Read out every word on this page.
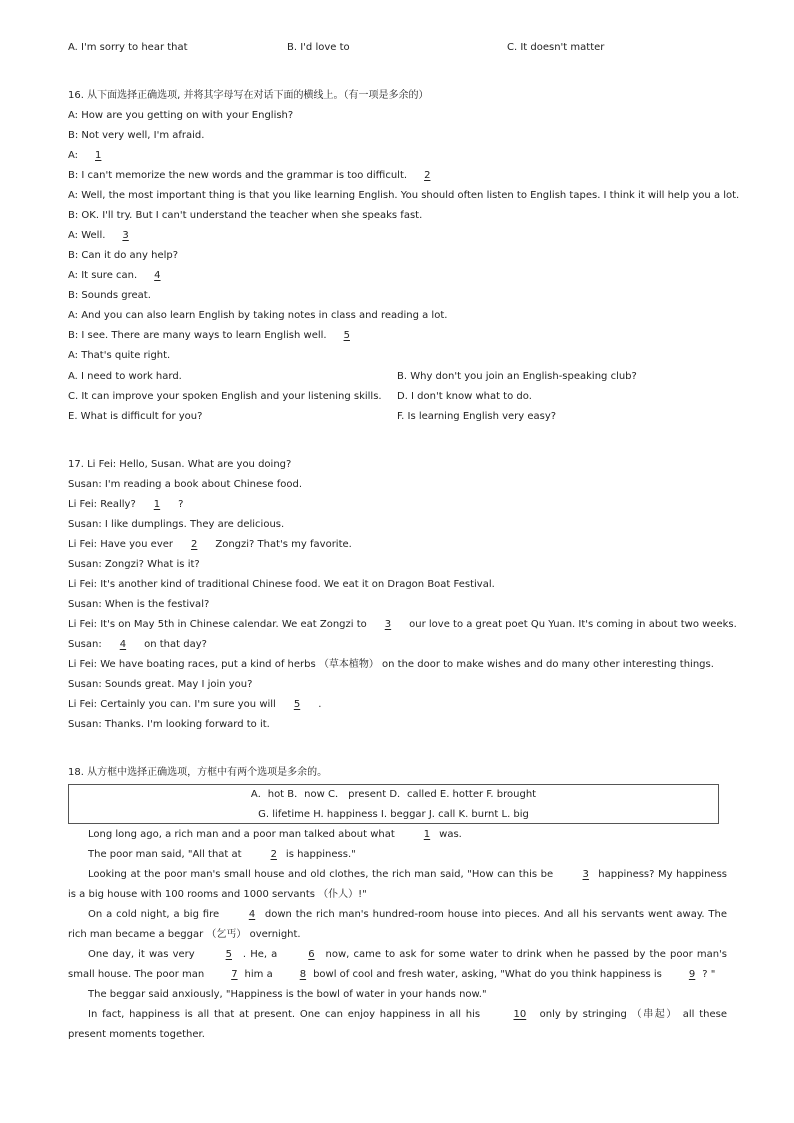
A. I'm sorry to hear that	B. I'd love to	C. It doesn't matter
16. 从下面选择正确选项, 并将其字母写在对话下面的横线上。（有一项是多余的）
A: How are you getting on with your English?
B: Not very well, I'm afraid.
A: 1
B: I can't memorize the new words and the grammar is too difficult. 2
A: Well, the most important thing is that you like learning English. You should often listen to English tapes. I think it will help you a lot.
B: OK. I'll try. But I can't understand the teacher when she speaks fast.
A: Well. 3
B: Can it do any help?
A: It sure can. 4
B: Sounds great.
A: And you can also learn English by taking notes in class and reading a lot.
B: I see. There are many ways to learn English well. 5
A: That's quite right.
A. I need to work hard.	B. Why don't you join an English-speaking club?
C. It can improve your spoken English and your listening skills. D. I don't know what to do.
E. What is difficult for you?	F. Is learning English very easy?
17. Li Fei: Hello, Susan. What are you doing?
Susan: I'm reading a book about Chinese food.
Li Fei: Really? 1 ?
Susan: I like dumplings. They are delicious.
Li Fei: Have you ever 2 Zongzi? That's my favorite.
Susan: Zongzi? What is it?
Li Fei: It's another kind of traditional Chinese food. We eat it on Dragon Boat Festival.
Susan: When is the festival?
Li Fei: It's on May 5th in Chinese calendar. We eat Zongzi to 3 our love to a great poet Qu Yuan. It's coming in about two weeks.
Susan: 4 on that day?
Li Fei: We have boating races, put a kind of herbs （草本植物） on the door to make wishes and do many other interesting things.
Susan: Sounds great. May I join you?
Li Fei: Certainly you can. I'm sure you will 5 .
Susan: Thanks. I'm looking forward to it.
18. 从方框中选择正确选项，方框中有两个选项是多余的。
A．hot B．now C． present D．called E. hotter F. brought
G. lifetime H. happiness I. beggar J. call K. burnt L. big

Long long ago, a rich man and a poor man talked about what	1 was.

The poor man said, "All that at	2 is happiness."

Looking at the poor man's small house and old clothes, the rich man said, "How can this be	3 happiness? My happiness is a big house with 100 rooms and 1000 servants （仆人）!"

On a cold night, a big fire	4 down the rich man's hundred-room house into pieces. And all his servants went away. The rich man became a beggar （乞丐） overnight.

One day, it was very	5 . He, a	6 now, came to ask for some water to drink when he passed by the poor man's small house. The poor man 7 him a 8 bowl of cool and fresh water, asking, "What do you think happiness is 9 ? "

The beggar said anxiously, "Happiness is the bowl of water in your hands now."

In fact, happiness is all that at present. One can enjoy happiness in all his	10 only by stringing （串起） all these present moments together.
